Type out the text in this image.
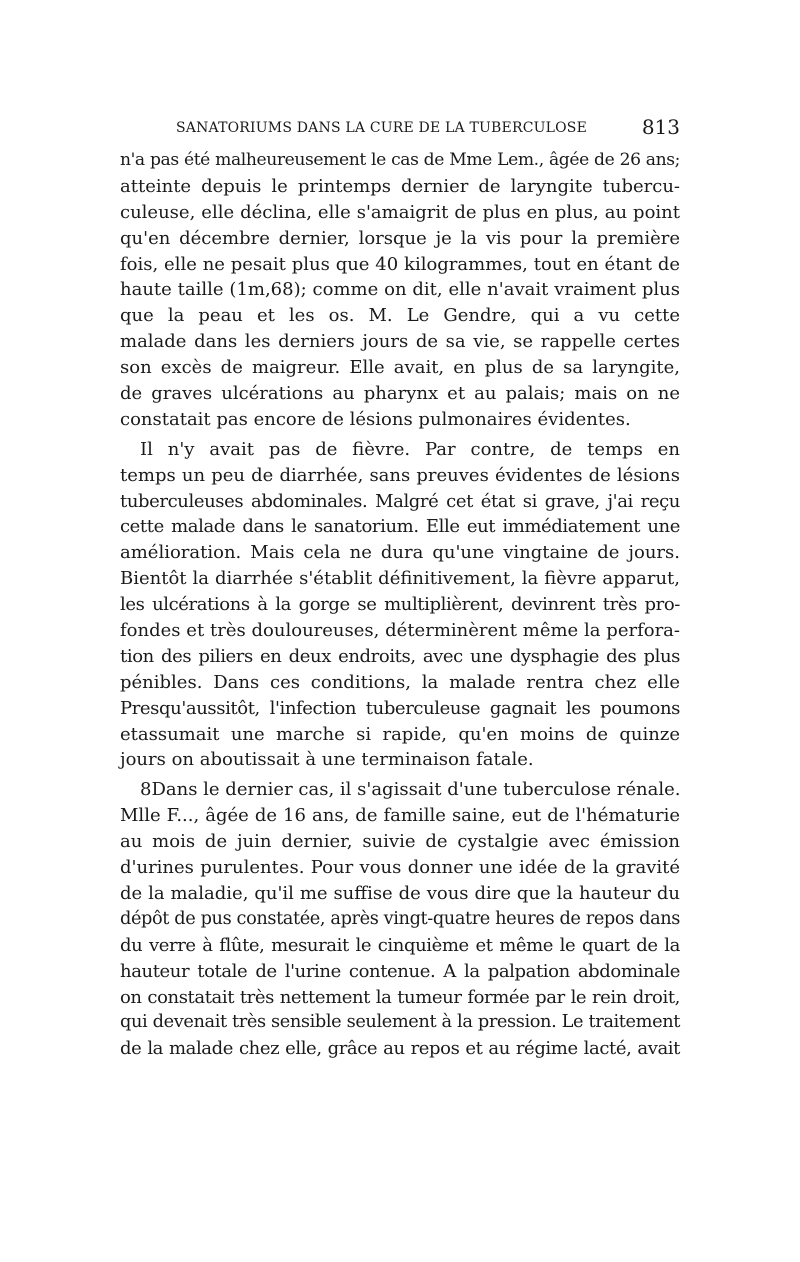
SANATORIUMS DANS LA CURE DE LA TUBERCULOSE	813
n'a pas été malheureusement le cas de Mme Lem., âgée de 26 ans;
atteinte depuis le printemps dernier de laryngite tubercu-
culeuse, elle déclina, elle s'amaigrit de plus en plus, au point
qu'en décembre dernier, lorsque je la vis pour la première
fois, elle ne pesait plus que 40 kilogrammes, tout en étant de
haute taille (1m,68); comme on dit, elle n'avait vraiment plus
que la peau et les os. M. Le Gendre, qui a vu cette
malade dans les derniers jours de sa vie, se rappelle certes
son excès de maigreur. Elle avait, en plus de sa laryngite,
de graves ulcérations au pharynx et au palais; mais on ne
constatait pas encore de lésions pulmonaires évidentes.
Il n'y avait pas de fièvre. Par contre, de temps en
temps un peu de diarrhée, sans preuves évidentes de lésions
tuberculeuses abdominales. Malgré cet état si grave, j'ai reçu
cette malade dans le sanatorium. Elle eut immédiatement une
amélioration. Mais cela ne dura qu'une vingtaine de jours.
Bientôt la diarrhée s'établit définitivement, la fièvre apparut,
les ulcérations à la gorge se multiplièrent, devinrent très pro-
fondes et très douloureuses, déterminèrent même la perfora-
tion des piliers en deux endroits, avec une dysphagie des plus
pénibles. Dans ces conditions, la malade rentra chez elle
Presqu'aussitôt, l'infection tuberculeuse gagnait les poumons
etassumait une marche si rapide, qu'en moins de quinze
jours on aboutissait à une terminaison fatale.
8Dans le dernier cas, il s'agissait d'une tuberculose rénale.
Mlle F..., âgée de 16 ans, de famille saine, eut de l'hématurie
au mois de juin dernier, suivie de cystalgie avec émission
d'urines purulentes. Pour vous donner une idée de la gravité
de la maladie, qu'il me suffise de vous dire que la hauteur du
dépôt de pus constatée, après vingt-quatre heures de repos dans
du verre à flûte, mesurait le cinquième et même le quart de la
hauteur totale de l'urine contenue. A la palpation abdominale
on constatait très nettement la tumeur formée par le rein droit,
qui devenait très sensible seulement à la pression. Le traitement
de la malade chez elle, grâce au repos et au régime lacté, avait
